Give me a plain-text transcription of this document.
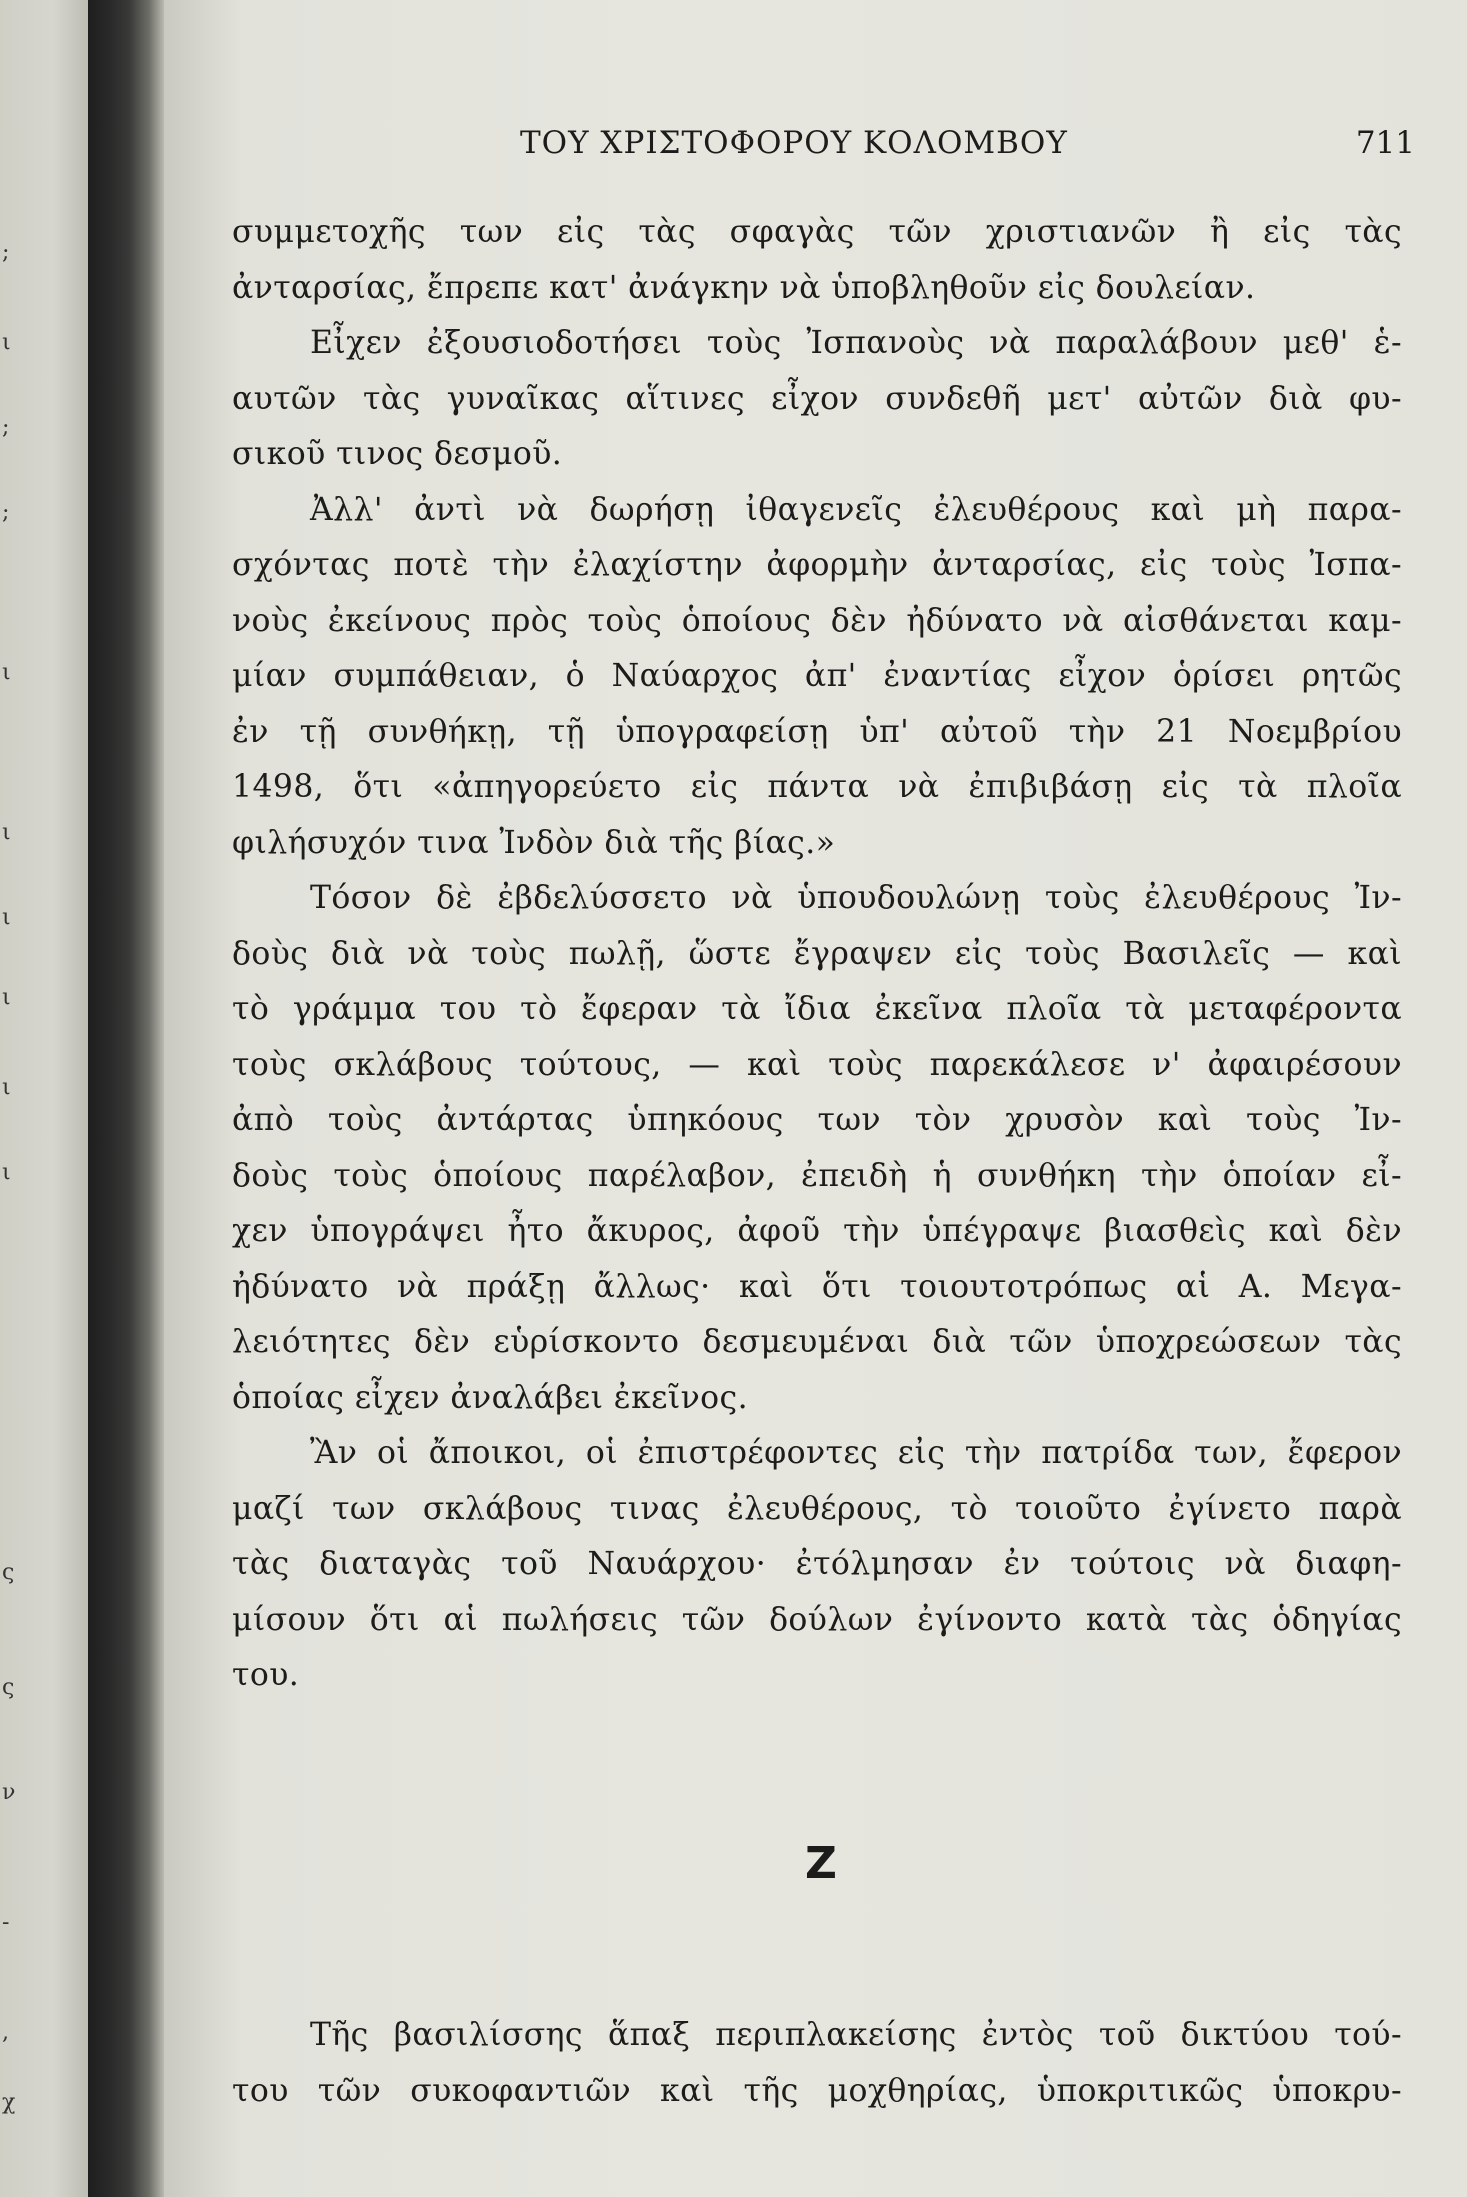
;
ι
;
;
ι
ι
ι
ι
ι
ι
ς
ς
ν
-
,
χ
ΤΟΥ ΧΡΙΣΤΟΦΟΡΟΥ ΚΟΛΟΜΒΟΥ	711
συμμετοχῆς των εἰς τὰς σφαγὰς τῶν χριστιανῶν ἢ εἰς τὰς
ἀνταρσίας, ἔπρεπε κατ' ἀνάγκην νὰ ὑποβληθοῦν εἰς δουλείαν.
Εἶχεν ἐξουσιοδοτήσει τοὺς Ἰσπανοὺς νὰ παραλάβουν μεθ' ἑ-
αυτῶν τὰς γυναῖκας αἵτινες εἶχον συνδεθῆ μετ' αὐτῶν διὰ φυ-
σικοῦ τινος δεσμοῦ.
Ἀλλ' ἀντὶ νὰ δωρήσῃ ἰθαγενεῖς ἐλευθέρους καὶ μὴ παρα-
σχόντας ποτὲ τὴν ἐλαχίστην ἀφορμὴν ἀνταρσίας, εἰς τοὺς Ἰσπα-
νοὺς ἐκείνους πρὸς τοὺς ὁποίους δὲν ἠδύνατο νὰ αἰσθάνεται καμ-
μίαν συμπάθειαν, ὁ Ναύαρχος ἀπ' ἐναντίας εἶχον ὁρίσει ρητῶς
ἐν τῇ συνθήκῃ, τῇ ὑπογραφείσῃ ὑπ' αὐτοῦ τὴν 21 Νοεμβρίου
1498, ὅτι «ἀπηγορεύετο εἰς πάντα νὰ ἐπιβιβάσῃ εἰς τὰ πλοῖα
φιλήσυχόν τινα Ἰνδὸν διὰ τῆς βίας.»
Τόσον δὲ ἐβδελύσσετο νὰ ὑπουδουλώνῃ τοὺς ἐλευθέρους Ἰν-
δοὺς διὰ νὰ τοὺς πωλῇ, ὥστε ἔγραψεν εἰς τοὺς Βασιλεῖς — καὶ
τὸ γράμμα του τὸ ἔφεραν τὰ ἴδια ἐκεῖνα πλοῖα τὰ μεταφέροντα
τοὺς σκλάβους τούτους, — καὶ τοὺς παρεκάλεσε ν' ἀφαιρέσουν
ἀπὸ τοὺς ἀντάρτας ὑπηκόους των τὸν χρυσὸν καὶ τοὺς Ἰν-
δοὺς τοὺς ὁποίους παρέλαβον, ἐπειδὴ ἡ συνθήκη τὴν ὁποίαν εἶ-
χεν ὑπογράψει ἦτο ἄκυρος, ἀφοῦ τὴν ὑπέγραψε βιασθεὶς καὶ δὲν
ἠδύνατο νὰ πράξῃ ἄλλως· καὶ ὅτι τοιουτοτρόπως αἱ Α. Μεγα-
λειότητες δὲν εὑρίσκοντο δεσμευμέναι διὰ τῶν ὑποχρεώσεων τὰς
ὁποίας εἶχεν ἀναλάβει ἐκεῖνος.
Ἂν οἱ ἄποικοι, οἱ ἐπιστρέφοντες εἰς τὴν πατρίδα των, ἔφερον
μαζί των σκλάβους τινας ἐλευθέρους, τὸ τοιοῦτο ἐγίνετο παρὰ
τὰς διαταγὰς τοῦ Ναυάρχου· ἐτόλμησαν ἐν τούτοις νὰ διαφη-
μίσουν ὅτι αἱ πωλήσεις τῶν δούλων ἐγίνοντο κατὰ τὰς ὁδηγίας
του.
Ζ
Τῆς βασιλίσσης ἅπαξ περιπλακείσης ἐντὸς τοῦ δικτύου τού-
του τῶν συκοφαντιῶν καὶ τῆς μοχθηρίας, ὑποκριτικῶς ὑποκρυ-
